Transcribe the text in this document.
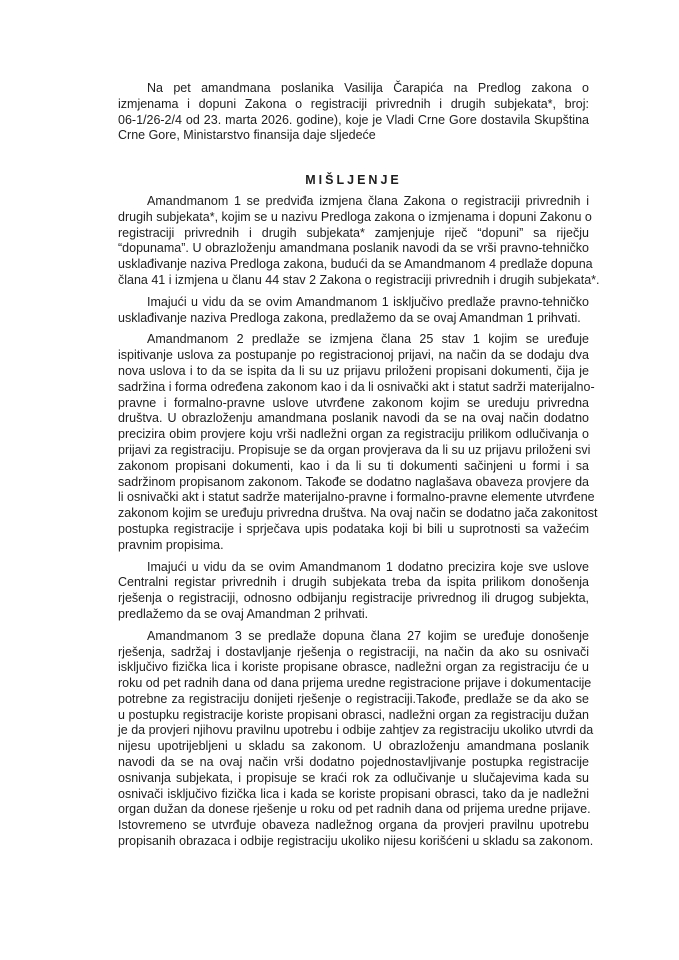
Na pet amandmana poslanika Vasilija Čarapića na Predlog zakona o
izmjenama i dopuni Zakona o registraciji privrednih i drugih subjekata*, broj:
06-1/26-2/4 od 23. marta 2026. godine), koje je Vladi Crne Gore dostavila Skupština
Crne Gore, Ministarstvo finansija daje sljedeće
MIŠLJENJE
Amandmanom 1 se predviđa izmjena člana Zakona o registraciji privrednih i
drugih subjekata*, kojim se u nazivu Predloga zakona o izmjenama i dopuni Zakonu o
registraciji privrednih i drugih subjekata* zamjenjuje riječ “dopuni” sa riječju
“dopunama”. U obrazloženju amandmana poslanik navodi da se vrši pravno-tehničko
usklađivanje naziva Predloga zakona, budući da se Amandmanom 4 predlaže dopuna
člana 41 i izmjena u članu 44 stav 2 Zakona o registraciji privrednih i drugih subjekata*.
Imajući u vidu da se ovim Amandmanom 1 isključivo predlaže pravno-tehničko
usklađivanje naziva Predloga zakona, predlažemo da se ovaj Amandman 1 prihvati.
Amandmanom 2 predlaže se izmjena člana 25 stav 1 kojim se uređuje
ispitivanje uslova za postupanje po registracionoj prijavi, na način da se dodaju dva
nova uslova i to da se ispita da li su uz prijavu priloženi propisani dokumenti, čija je
sadržina i forma određena zakonom kao i da li osnivački akt i statut sadrži materijalno-
pravne i formalno-pravne uslove utvrđene zakonom kojim se ureduju privredna
društva. U obrazloženju amandmana poslanik navodi da se na ovaj način dodatno
precizira obim provjere koju vrši nadležni organ za registraciju prilikom odlučivanja o
prijavi za registraciju. Propisuje se da organ provjerava da li su uz prijavu priloženi svi
zakonom propisani dokumenti, kao i da li su ti dokumenti sačinjeni u formi i sa
sadržinom propisanom zakonom. Takođe se dodatno naglašava obaveza provjere da
li osnivački akt i statut sadrže materijalno-pravne i formalno-pravne elemente utvrđene
zakonom kojim se uređuju privredna društva. Na ovaj način se dodatno jača zakonitost
postupka registracije i sprječava upis podataka koji bi bili u suprotnosti sa važećim
pravnim propisima.
Imajući u vidu da se ovim Amandmanom 1 dodatno precizira koje sve uslove
Centralni registar privrednih i drugih subjekata treba da ispita prilikom donošenja
rješenja o registraciji, odnosno odbijanju registracije privrednog ili drugog subjekta,
predlažemo da se ovaj Amandman 2 prihvati.
Amandmanom 3 se predlaže dopuna člana 27 kojim se uređuje donošenje
rješenja, sadržaj i dostavljanje rješenja o registraciji, na način da ako su osnivači
isključivo fizička lica i koriste propisane obrasce, nadležni organ za registraciju će u
roku od pet radnih dana od dana prijema uredne registracione prijave i dokumentacije
potrebne za registraciju donijeti rješenje o registraciji.Takođe, predlaže se da ako se
u postupku registracije koriste propisani obrasci, nadležni organ za registraciju dužan
je da provjeri njihovu pravilnu upotrebu i odbije zahtjev za registraciju ukoliko utvrdi da
nijesu upotrijebljeni u skladu sa zakonom. U obrazloženju amandmana poslanik
navodi da se na ovaj način vrši dodatno pojednostavljivanje postupka registracije
osnivanja subjekata, i propisuje se kraći rok za odlučivanje u slučajevima kada su
osnivači isključivo fizička lica i kada se koriste propisani obrasci, tako da je nadležni
organ dužan da donese rješenje u roku od pet radnih dana od prijema uredne prijave.
Istovremeno se utvrđuje obaveza nadležnog organa da provjeri pravilnu upotrebu
propisanih obrazaca i odbije registraciju ukoliko nijesu korišćeni u skladu sa zakonom.
